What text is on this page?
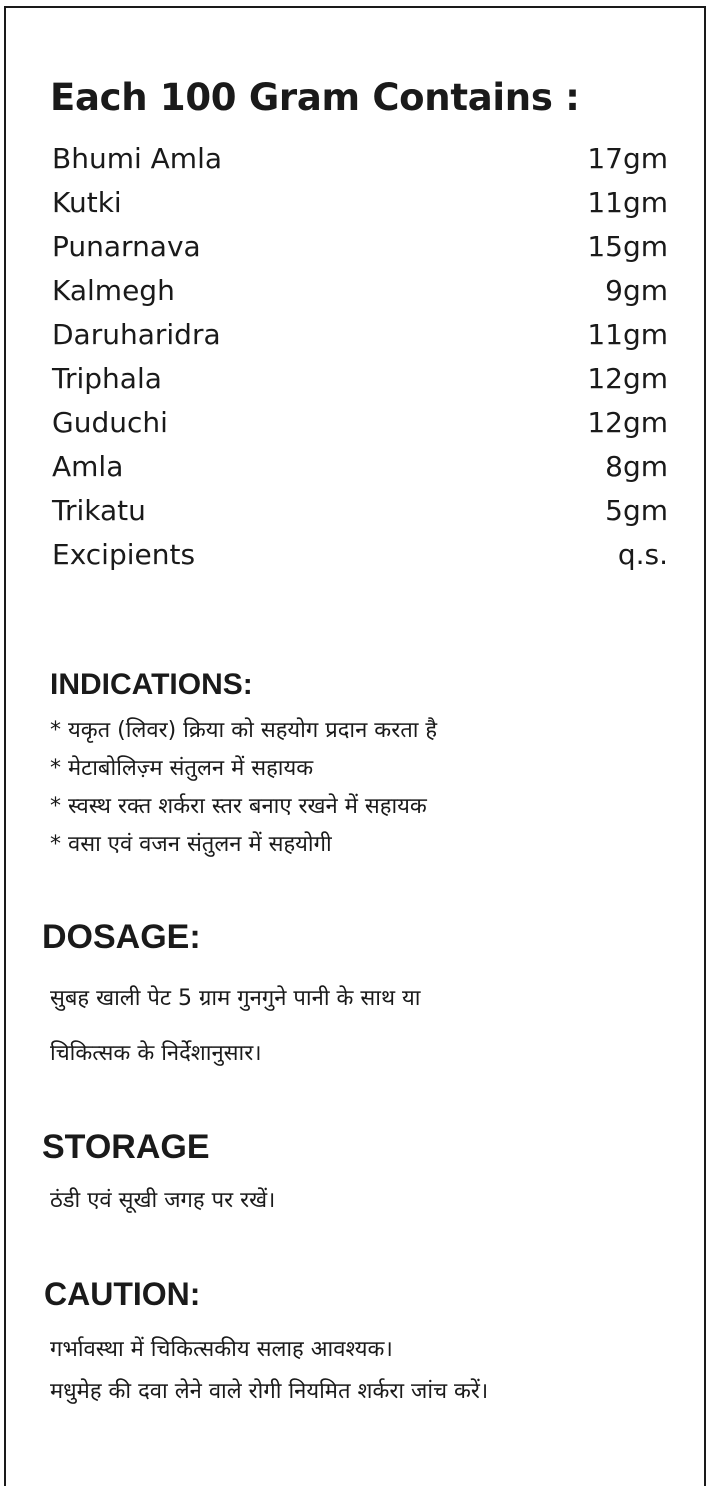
Each 100 Gram Contains :
Bhumi Amla	17gm
Kutki	11gm
Punarnava	15gm
Kalmegh	9gm
Daruharidra	11gm
Triphala	12gm
Guduchi	12gm
Amla	8gm
Trikatu	5gm
Excipients	q.s.
INDICATIONS:
* यकृत (लिवर) क्रिया को सहयोग प्रदान करता है
* मेटाबोलिज़्म संतुलन में सहायक
* स्वस्थ रक्त शर्करा स्तर बनाए रखने में सहायक
* वसा एवं वजन संतुलन में सहयोगी
DOSAGE:
सुबह खाली पेट 5 ग्राम गुनगुने पानी के साथ या
चिकित्सक के निर्देशानुसार।
STORAGE
ठंडी एवं सूखी जगह पर रखें।
CAUTION:
गर्भावस्था में चिकित्सकीय सलाह आवश्यक।
मधुमेह की दवा लेने वाले रोगी नियमित शर्करा जांच करें।
